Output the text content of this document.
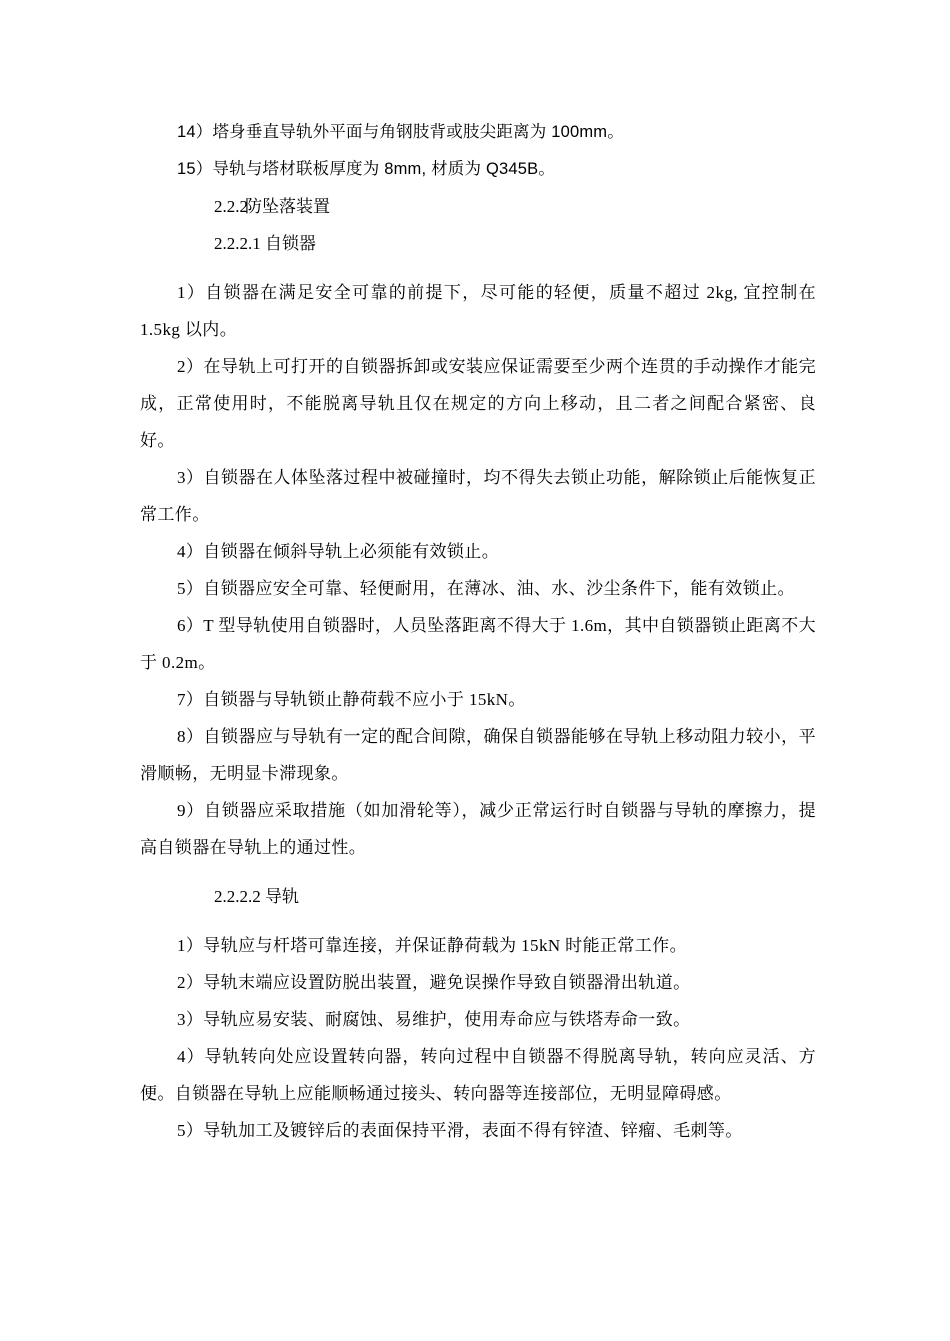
14）塔身垂直导轨外平面与角钢肢背或肢尖距离为 100mm。

15）导轨与塔材联板厚度为 8mm, 材质为 Q345B。

2.2.2防坠落装置

2.2.2.1 自锁器

1）自锁器在满足安全可靠的前提下，尽可能的轻便，质量不超过 2kg, 宜控制在 1.5kg 以内。

2）在导轨上可打开的自锁器拆卸或安装应保证需要至少两个连贯的手动操作才能完成，正常使用时，不能脱离导轨且仅在规定的方向上移动，且二者之间配合紧密、良好。

3）自锁器在人体坠落过程中被碰撞时，均不得失去锁止功能，解除锁止后能恢复正常工作。

4）自锁器在倾斜导轨上必须能有效锁止。

5）自锁器应安全可靠、轻便耐用，在薄冰、油、水、沙尘条件下，能有效锁止。

6）T 型导轨使用自锁器时，人员坠落距离不得大于 1.6m，其中自锁器锁止距离不大于 0.2m。

7）自锁器与导轨锁止静荷载不应小于 15kN。

8）自锁器应与导轨有一定的配合间隙，确保自锁器能够在导轨上移动阻力较小，平滑顺畅，无明显卡滞现象。

9）自锁器应采取措施（如加滑轮等），减少正常运行时自锁器与导轨的摩擦力，提高自锁器在导轨上的通过性。

2.2.2.2 导轨

1）导轨应与杆塔可靠连接，并保证静荷载为 15kN 时能正常工作。

2）导轨末端应设置防脱出装置，避免误操作导致自锁器滑出轨道。

3）导轨应易安装、耐腐蚀、易维护，使用寿命应与铁塔寿命一致。

4）导轨转向处应设置转向器，转向过程中自锁器不得脱离导轨，转向应灵活、方便。自锁器在导轨上应能顺畅通过接头、转向器等连接部位，无明显障碍感。

5）导轨加工及镀锌后的表面保持平滑，表面不得有锌渣、锌瘤、毛刺等。
